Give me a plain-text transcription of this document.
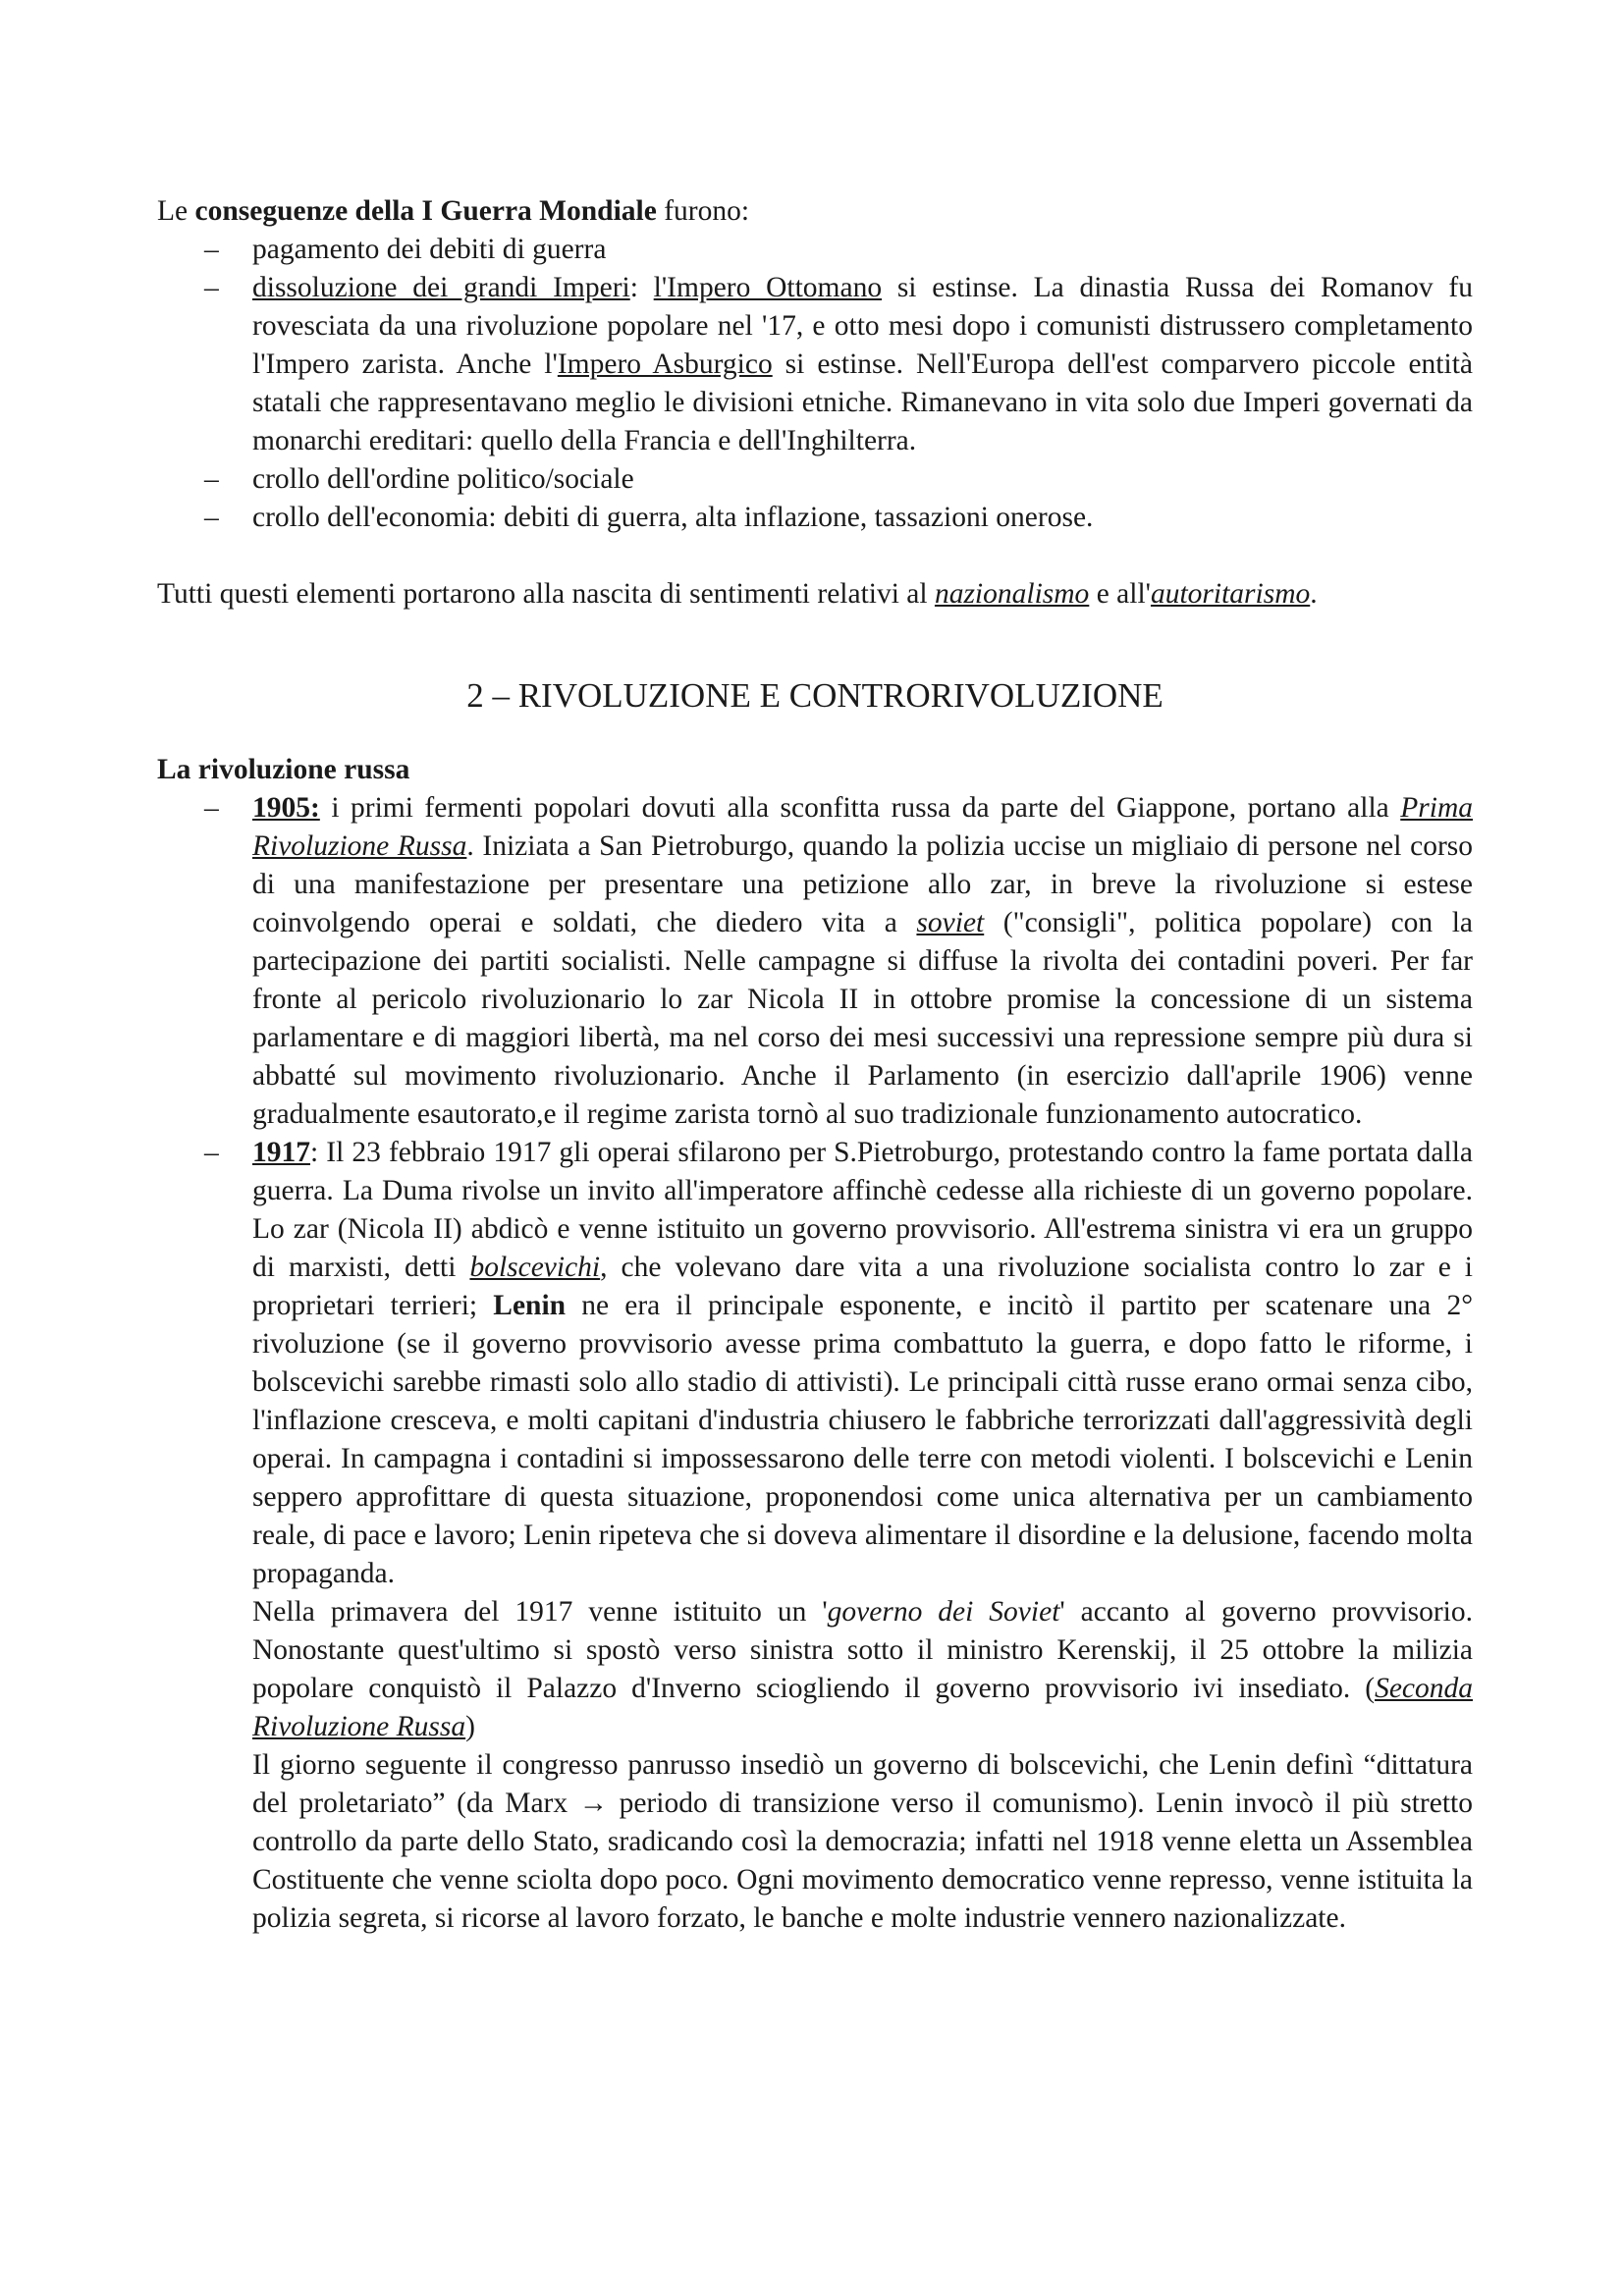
Le conseguenze della I Guerra Mondiale furono:

– pagamento dei debiti di guerra
– dissoluzione dei grandi Imperi: l'Impero Ottomano si estinse. La dinastia Russa dei Romanov fu rovesciata da una rivoluzione popolare nel '17, e otto mesi dopo i comunisti distrussero completamento l'Impero zarista. Anche l'Impero Asburgico si estinse. Nell'Europa dell'est comparvero piccole entità statali che rappresentavano meglio le divisioni etniche. Rimanevano in vita solo due Imperi governati da monarchi ereditari: quello della Francia e dell'Inghilterra.
– crollo dell'ordine politico/sociale
– crollo dell'economia: debiti di guerra, alta inflazione, tassazioni onerose.

Tutti questi elementi portarono alla nascita di sentimenti relativi al nazionalismo e all'autoritarismo.

2 – RIVOLUZIONE E CONTRORIVOLUZIONE

La rivoluzione russa

– 1905: i primi fermenti popolari dovuti alla sconfitta russa da parte del Giappone, portano alla Prima Rivoluzione Russa. Iniziata a San Pietroburgo, quando la polizia uccise un migliaio di persone nel corso di una manifestazione per presentare una petizione allo zar, in breve la rivoluzione si estese coinvolgendo operai e soldati, che diedero vita a soviet ("consigli", politica popolare) con la partecipazione dei partiti socialisti. Nelle campagne si diffuse la rivolta dei contadini poveri. Per far fronte al pericolo rivoluzionario lo zar Nicola II in ottobre promise la concessione di un sistema parlamentare e di maggiori libertà, ma nel corso dei mesi successivi una repressione sempre più dura si abbatté sul movimento rivoluzionario. Anche il Parlamento (in esercizio dall'aprile 1906) venne gradualmente esautorato,e il regime zarista tornò al suo tradizionale funzionamento autocratico.

– 1917: Il 23 febbraio 1917 gli operai sfilarono per S.Pietroburgo, protestando contro la fame portata dalla guerra. La Duma rivolse un invito all'imperatore affinchè cedesse alla richieste di un governo popolare. Lo zar (Nicola II) abdicò e venne istituito un governo provvisorio. All'estrema sinistra vi era un gruppo di marxisti, detti bolscevichi, che volevano dare vita a una rivoluzione socialista contro lo zar e i proprietari terrieri; Lenin ne era il principale esponente, e incitò il partito per scatenare una 2° rivoluzione (se il governo provvisorio avesse prima combattuto la guerra, e dopo fatto le riforme, i bolscevichi sarebbe rimasti solo allo stadio di attivisti). Le principali città russe erano ormai senza cibo, l'inflazione cresceva, e molti capitani d'industria chiusero le fabbriche terrorizzati dall'aggressività degli operai. In campagna i contadini si impossessarono delle terre con metodi violenti. I bolscevichi e Lenin seppero approfittare di questa situazione, proponendosi come unica alternativa per un cambiamento reale, di pace e lavoro; Lenin ripeteva che si doveva alimentare il disordine e la delusione, facendo molta propaganda.

Nella primavera del 1917 venne istituito un 'governo dei Soviet' accanto al governo provvisorio. Nonostante quest'ultimo si spostò verso sinistra sotto il ministro Kerenskij, il 25 ottobre la milizia popolare conquistò il Palazzo d'Inverno sciogliendo il governo provvisorio ivi insediato. (Seconda Rivoluzione Russa)

Il giorno seguente il congresso panrusso insediò un governo di bolscevichi, che Lenin definì “dittatura del proletariato” (da Marx → periodo di transizione verso il comunismo). Lenin invocò il più stretto controllo da parte dello Stato, sradicando così la democrazia; infatti nel 1918 venne eletta un Assemblea Costituente che venne sciolta dopo poco. Ogni movimento democratico venne represso, venne istituita la polizia segreta, si ricorse al lavoro forzato, le banche e molte industrie vennero nazionalizzate.
